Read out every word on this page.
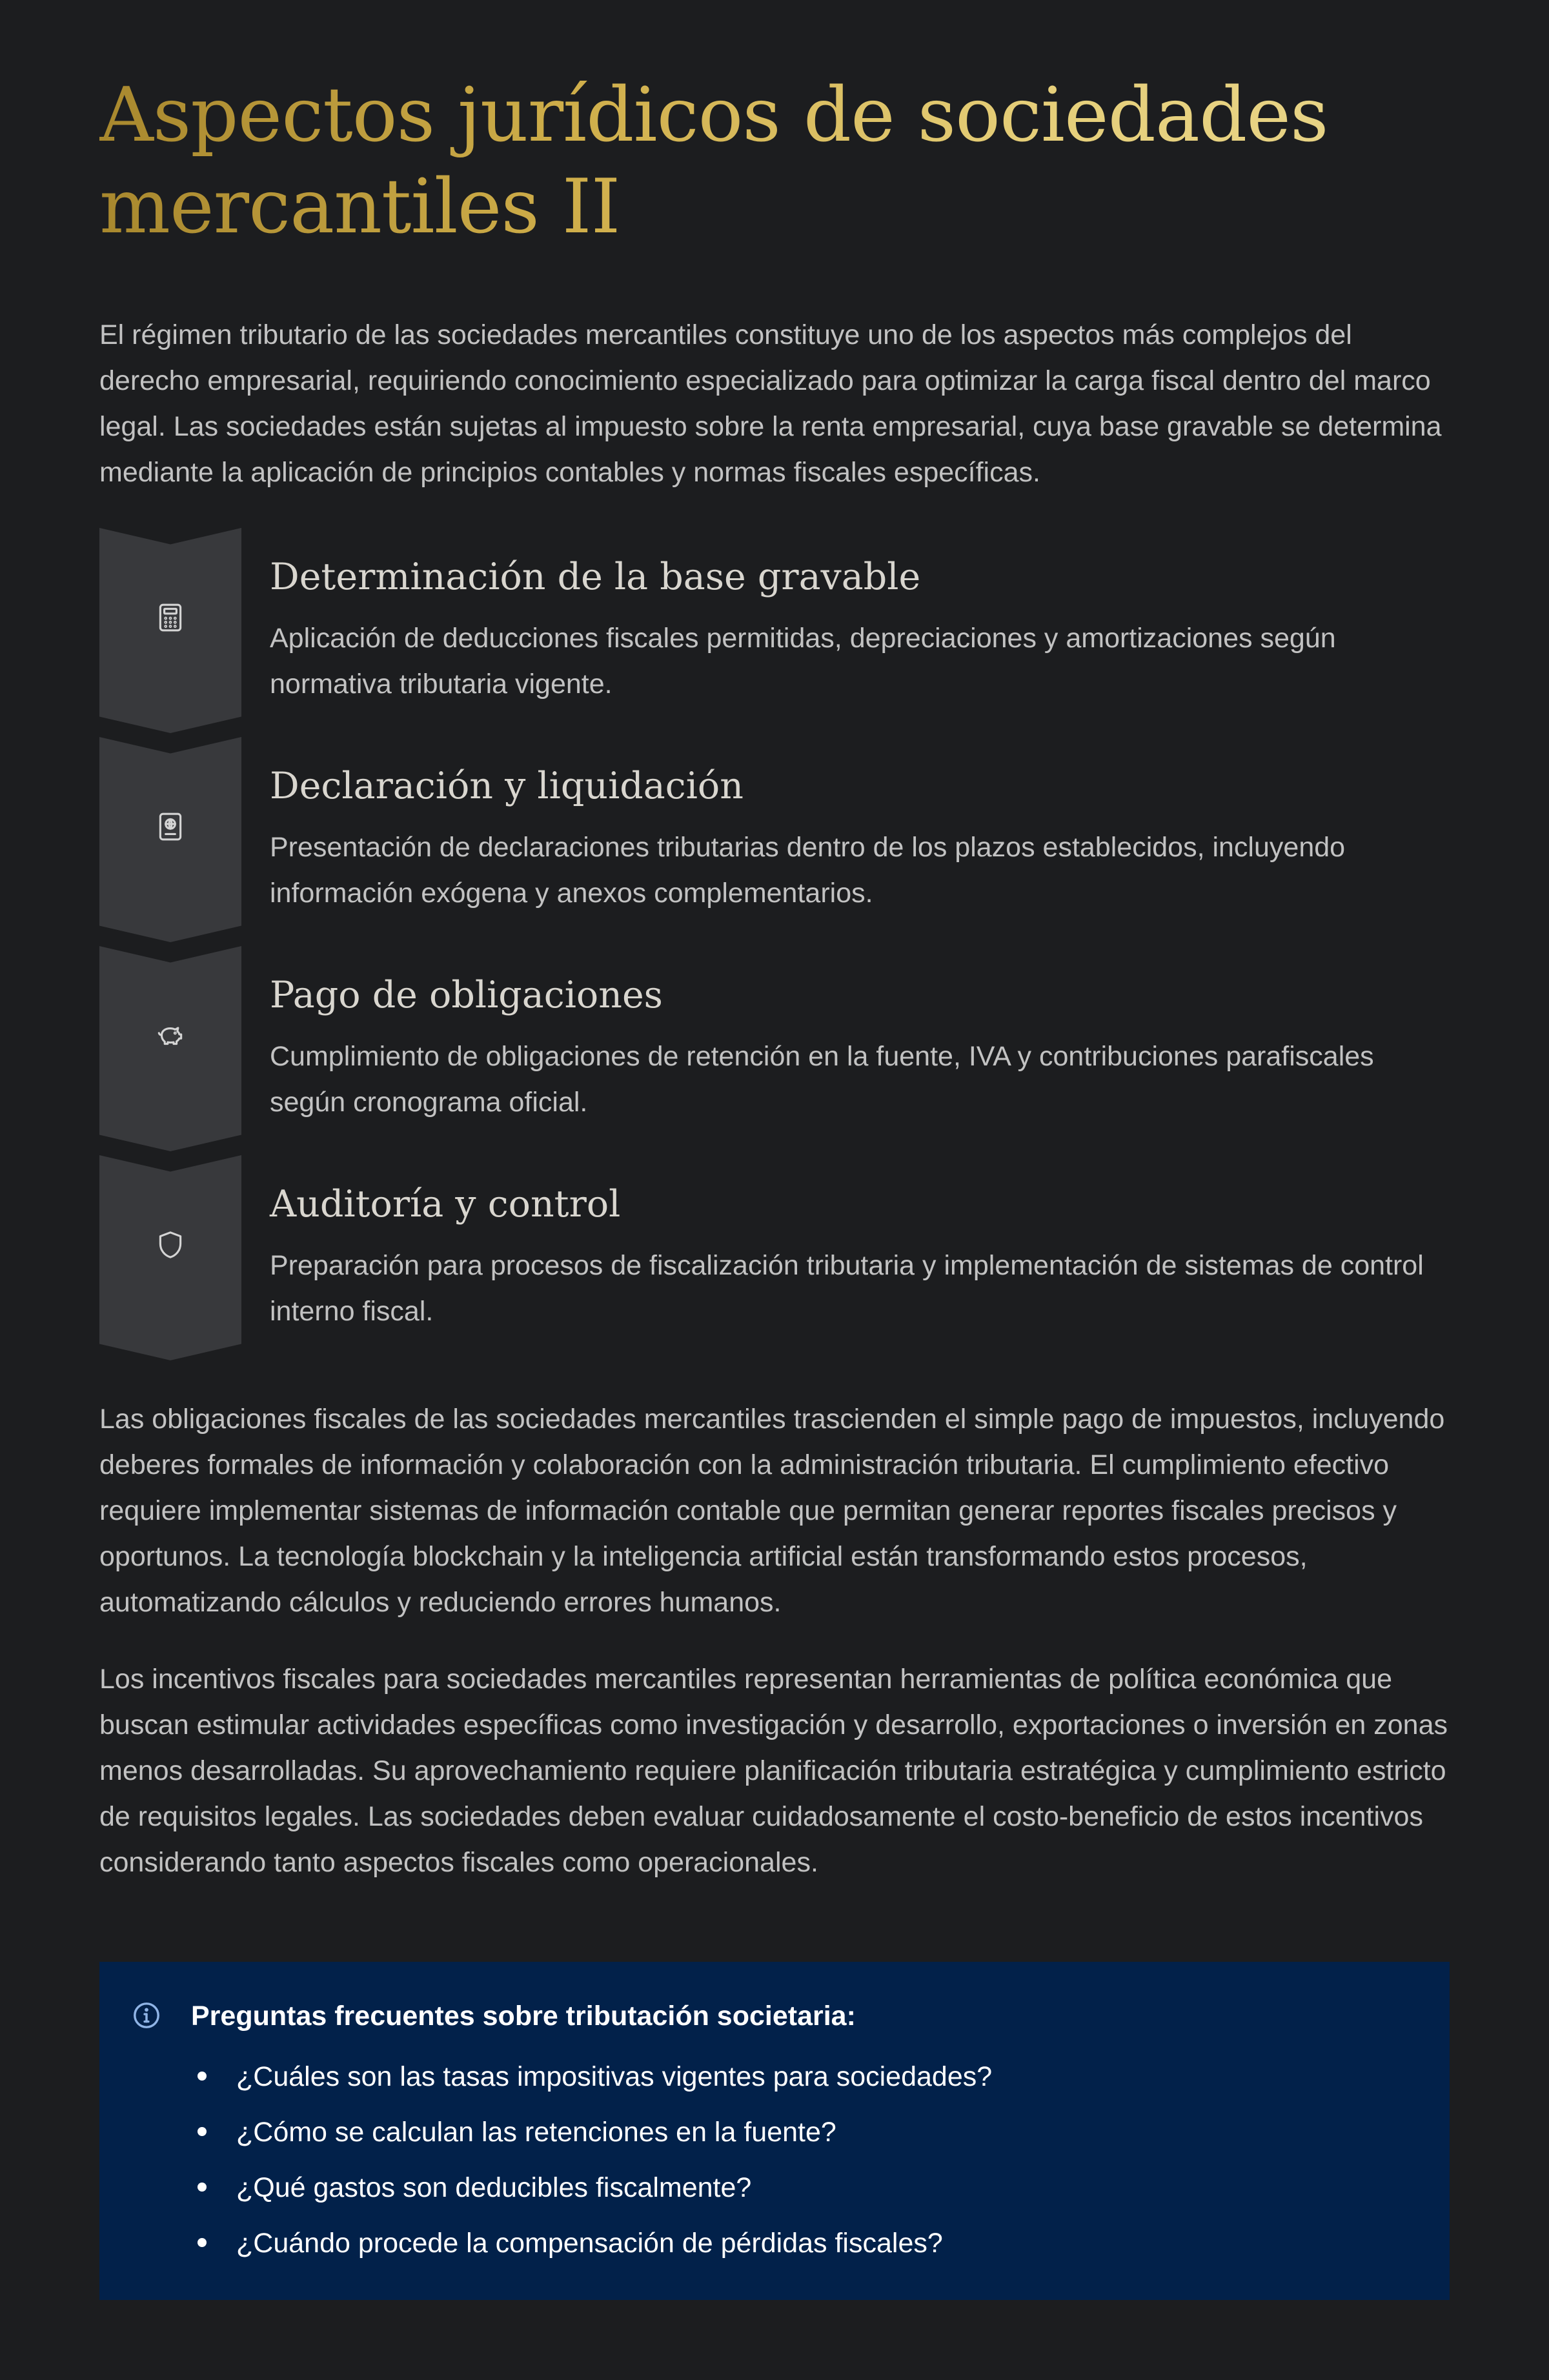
Aspectos jurídicos de sociedades mercantiles II

El régimen tributario de las sociedades mercantiles constituye uno de los aspectos más complejos del derecho empresarial, requiriendo conocimiento especializado para optimizar la carga fiscal dentro del marco legal. Las sociedades están sujetas al impuesto sobre la renta empresarial, cuya base gravable se determina mediante la aplicación de principios contables y normas fiscales específicas.

Determinación de la base gravable

Aplicación de deducciones fiscales permitidas, depreciaciones y amortizaciones según normativa tributaria vigente.

Declaración y liquidación

Presentación de declaraciones tributarias dentro de los plazos establecidos, incluyendo información exógena y anexos complementarios.

Pago de obligaciones

Cumplimiento de obligaciones de retención en la fuente, IVA y contribuciones parafiscales según cronograma oficial.

Auditoría y control

Preparación para procesos de fiscalización tributaria y implementación de sistemas de control interno fiscal.

Las obligaciones fiscales de las sociedades mercantiles trascienden el simple pago de impuestos, incluyendo deberes formales de información y colaboración con la administración tributaria. El cumplimiento efectivo requiere implementar sistemas de información contable que permitan generar reportes fiscales precisos y oportunos. La tecnología blockchain y la inteligencia artificial están transformando estos procesos, automatizando cálculos y reduciendo errores humanos.

Los incentivos fiscales para sociedades mercantiles representan herramientas de política económica que buscan estimular actividades específicas como investigación y desarrollo, exportaciones o inversión en zonas menos desarrolladas. Su aprovechamiento requiere planificación tributaria estratégica y cumplimiento estricto de requisitos legales. Las sociedades deben evaluar cuidadosamente el costo-beneficio de estos incentivos considerando tanto aspectos fiscales como operacionales.

Preguntas frecuentes sobre tributación societaria:
¿Cuáles son las tasas impositivas vigentes para sociedades?
¿Cómo se calculan las retenciones en la fuente?
¿Qué gastos son deducibles fiscalmente?
¿Cuándo procede la compensación de pérdidas fiscales?
